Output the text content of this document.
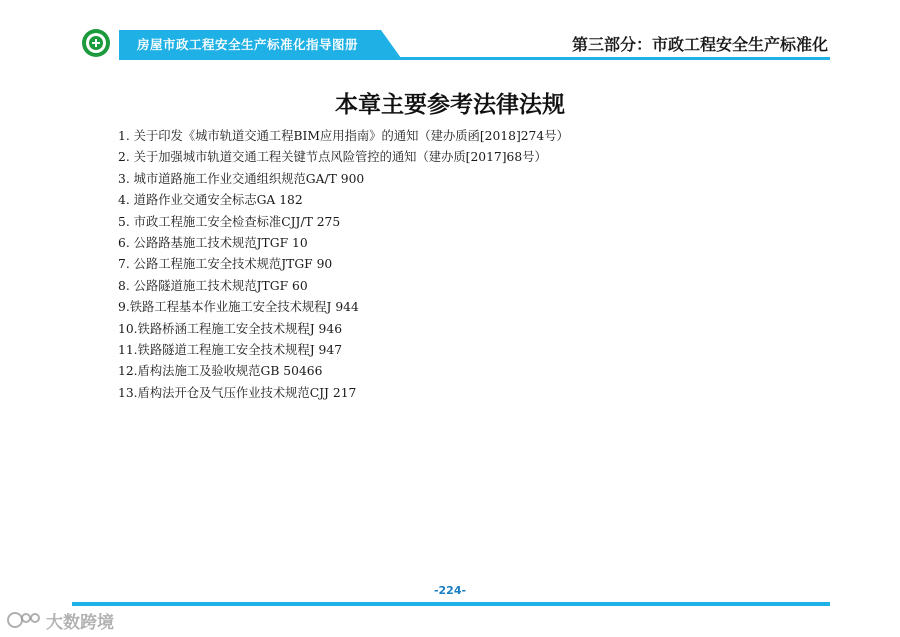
房屋市政工程安全生产标准化指导图册	第三部分：市政工程安全生产标准化
本章主要参考法律法规
1. 关于印发《城市轨道交通工程BIM应用指南》的通知（建办质函[2018]274号）
2. 关于加强城市轨道交通工程关键节点风险管控的通知（建办质[2017]68号）
3. 城市道路施工作业交通组织规范GA/T 900
4. 道路作业交通安全标志GA 182
5. 市政工程施工安全检查标准CJJ/T 275
6. 公路路基施工技术规范JTGF 10
7. 公路工程施工安全技术规范JTGF 90
8. 公路隧道施工技术规范JTGF 60
9.铁路工程基本作业施工安全技术规程J 944
10.铁路桥涵工程施工安全技术规程J 946
11.铁路隧道工程施工安全技术规程J 947
12.盾构法施工及验收规范GB 50466
13.盾构法开仓及气压作业技术规范CJJ 217
-224-
大数跨境
